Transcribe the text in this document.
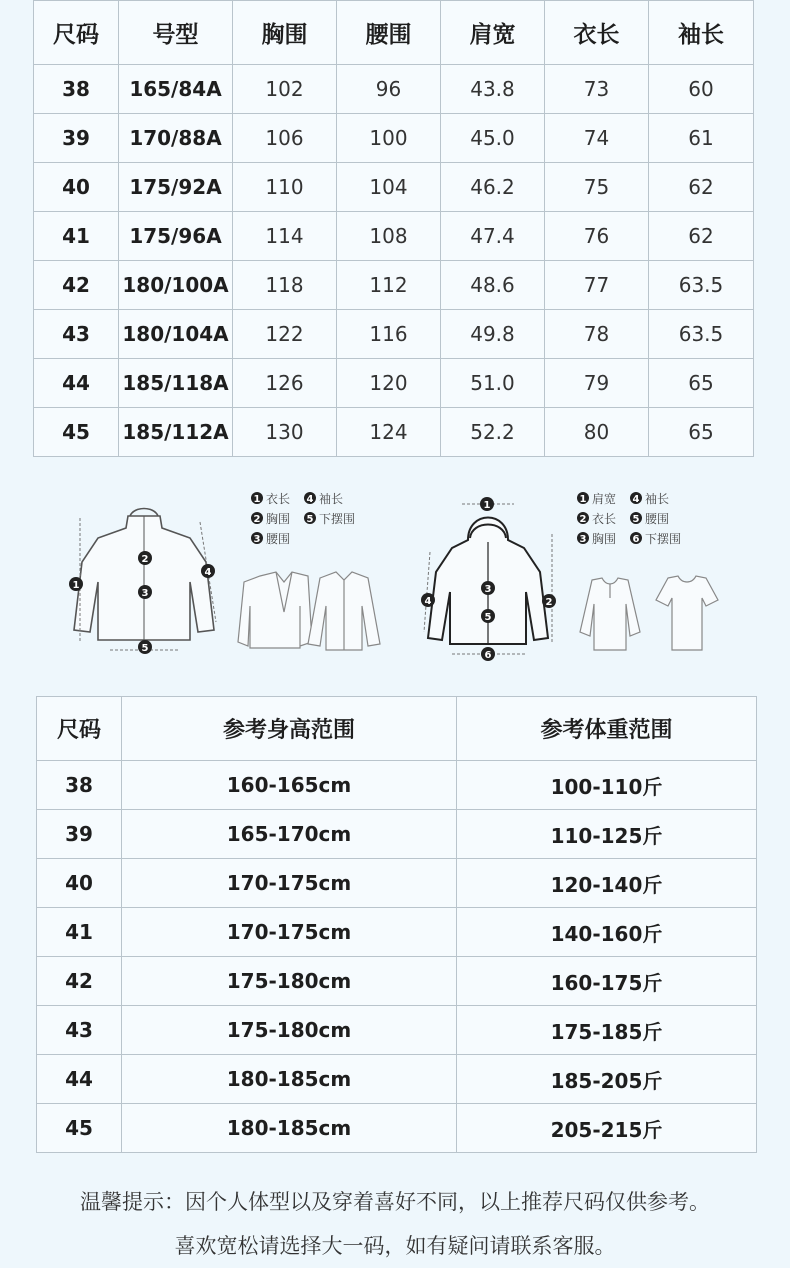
尺码	号型	胸围	腰围	肩宽	衣长	袖长
38	165/84A	102	96	43.8	73	60
39	170/88A	106	100	45.0	74	61
40	175/92A	110	104	46.2	75	62
41	175/96A	114	108	47.4	76	62
42	180/100A	118	112	48.6	77	63.5
43	180/104A	122	116	49.8	78	63.5
44	185/118A	126	120	51.0	79	65
45	185/112A	130	124	52.2	80	65
1
2
3
4
5
1 衣长 4 袖长
2 胸围 5 下摆围
3 腰围
1
2
3
4
5
6
1 肩宽 4 袖长
2 衣长 5 腰围
3 胸围 6 下摆围
尺码	参考身高范围	参考体重范围
38	160-165cm	100-110斤
39	165-170cm	110-125斤
40	170-175cm	120-140斤
41	170-175cm	140-160斤
42	175-180cm	160-175斤
43	175-180cm	175-185斤
44	180-185cm	185-205斤
45	180-185cm	205-215斤
温馨提示：因个人体型以及穿着喜好不同，以上推荐尺码仅供参考。
喜欢宽松请选择大一码，如有疑问请联系客服。
